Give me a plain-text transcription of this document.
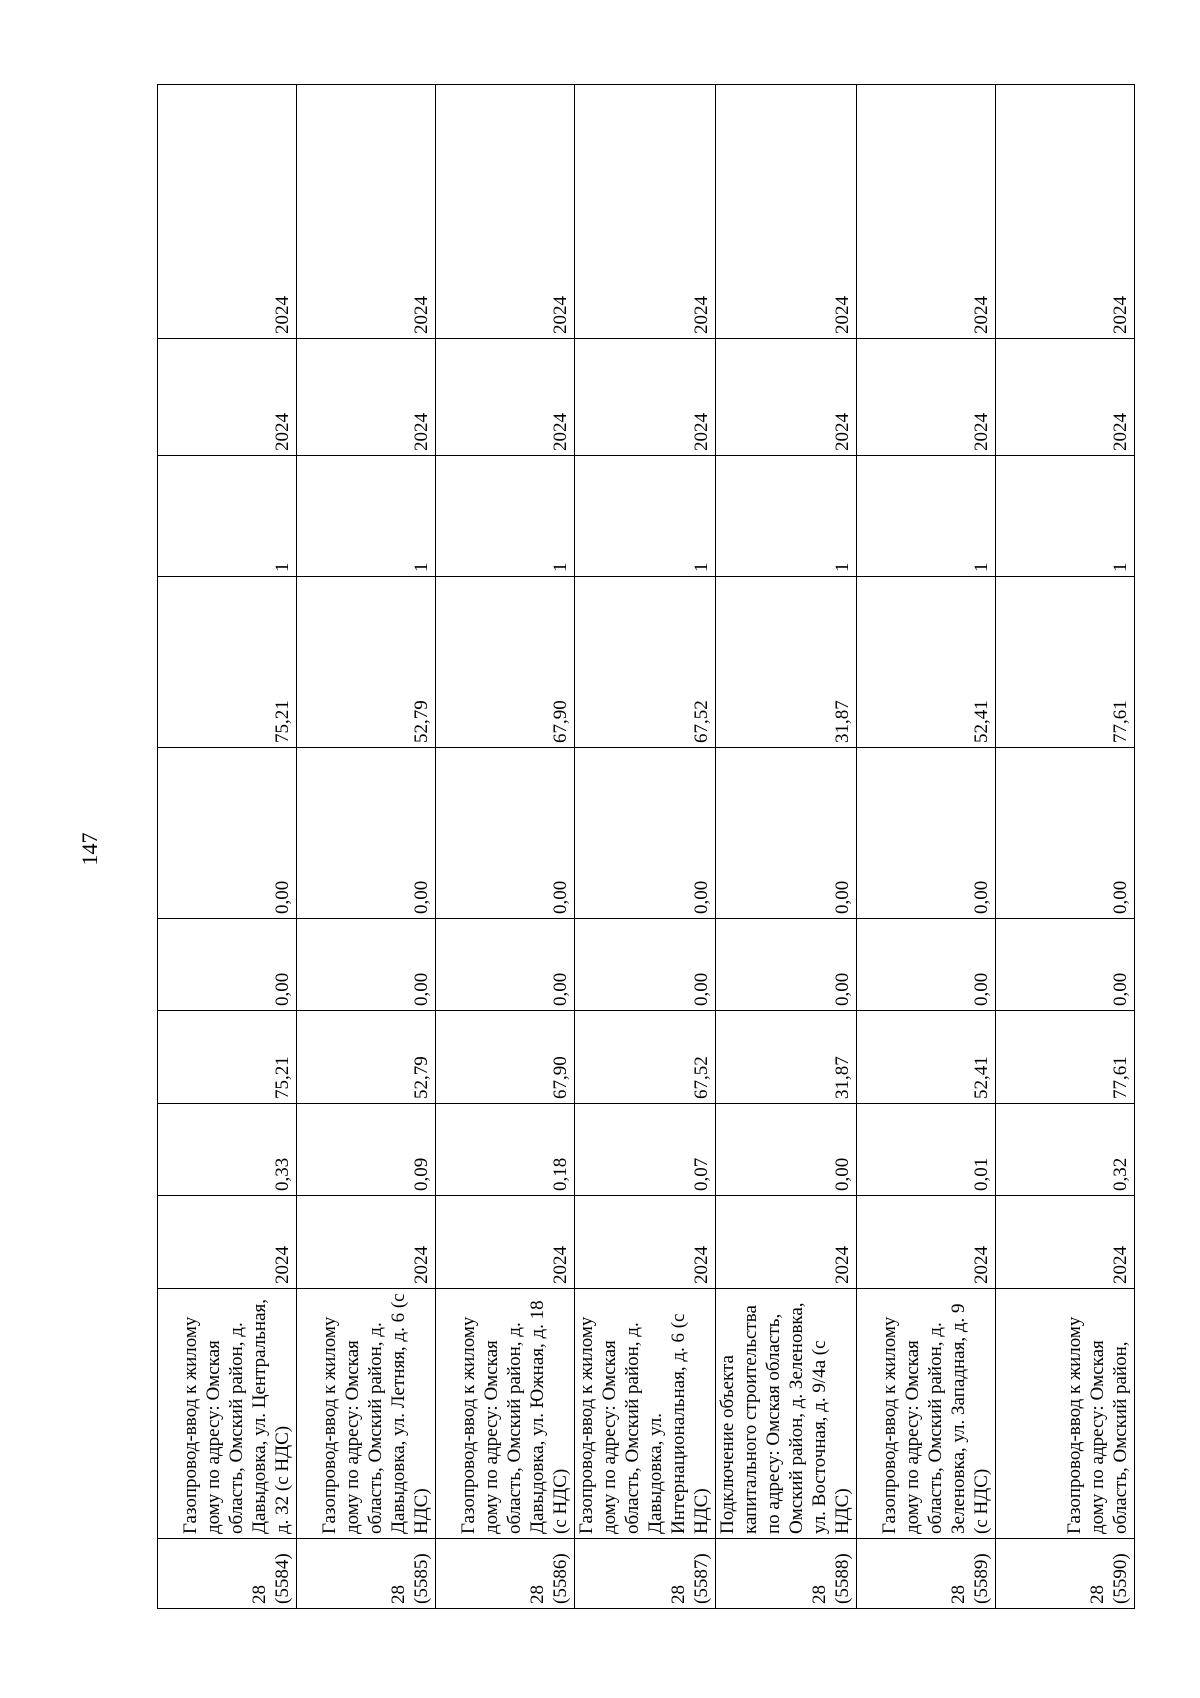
147
28
(5584)	Газопровод-ввод к жилому дому по адресу: Омская область, Омский район, д. Давыдовка, ул. Центральная, д. 32 (с НДС)	2024	0,33	75,21	0,00	0,00	75,21	1	2024	2024
28
(5585)	Газопровод-ввод к жилому дому по адресу: Омская область, Омский район, д. Давыдовка, ул. Летняя, д. 6 (с НДС)	2024	0,09	52,79	0,00	0,00	52,79	1	2024	2024
28
(5586)	Газопровод-ввод к жилому дому по адресу: Омская область, Омский район, д. Давыдовка, ул. Южная, д. 18 (с НДС)	2024	0,18	67,90	0,00	0,00	67,90	1	2024	2024
28
(5587)	Газопровод-ввод к жилому дому по адресу: Омская область, Омский район, д. Давыдовка, ул. Интернациональная, д. 6 (с НДС)	2024	0,07	67,52	0,00	0,00	67,52	1	2024	2024
28
(5588)	Подключение объекта капитального строительства по адресу: Омская область, Омский район, д. Зеленовка, ул. Восточная, д. 9/4а (с НДС)	2024	0,00	31,87	0,00	0,00	31,87	1	2024	2024
28
(5589)	Газопровод-ввод к жилому дому по адресу: Омская область, Омский район, д. Зеленовка, ул. Западная, д. 9 (с НДС)	2024	0,01	52,41	0,00	0,00	52,41	1	2024	2024
28
(5590)	Газопровод-ввод к жилому дому по адресу: Омская область, Омский район,	2024	0,32	77,61	0,00	0,00	77,61	1	2024	2024
